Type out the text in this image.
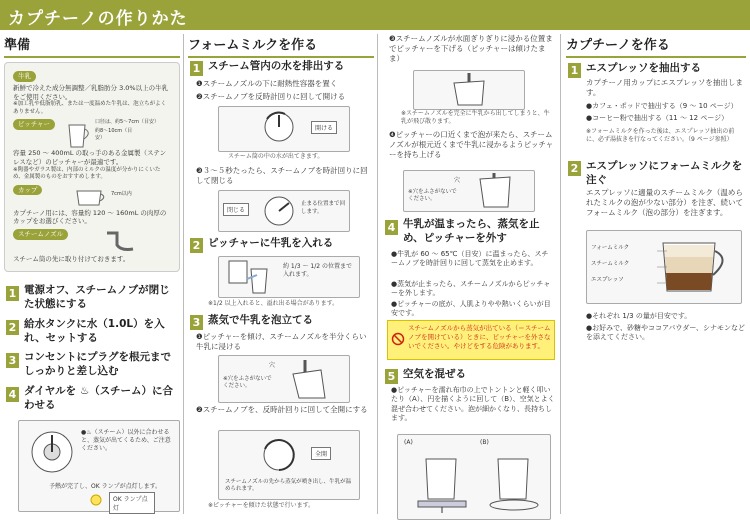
カプチーノの作りかた
準備
牛乳
新鮮で冷えた成分無調整／乳脂肪分 3.0%以上の牛乳をご使用ください。
※加工乳や低脂肪乳、または一度温めた牛乳は、泡立ちがよくありません。
ピッチャー	口径は、約5～7cm（目安）
約8～10cm（目安）
容量 250 ～ 400mL の取っ手のある金属製（ステンレスなど）のピッチャーが最適です。
※陶器やガラス製は、内部のミルクの温度が分かりにくいため、金属製のものをおすすめします。
カップ	7cm以内
カプチーノ用には、容量約 120 ～ 160mL の肉厚のカップをお選びください。
スチームノズル
スチーム筒の先に取り付けておきます。
1 電源オフ、スチームノブが閉じた状態にする
2 給水タンクに水（1.0L）を入れ、セットする
3 コンセントにプラグを根元までしっかりと差し込む
4 ダイヤルを ♨（スチーム）に合わせる
●♨（スチーム）以外に合わせると、蒸気が出てくるため、ご注意ください。
予熱が完了し、OK ランプが点灯します。
OK ランプ点灯
フォームミルクを作る
1 スチーム管内の水を排出する
❶スチームノズルの下に耐熱性容器を置く
❷スチームノブを反時計回りに回して開ける
開ける
スチーム筒の中の水が出てきます。
❸３～５秒たったら、スチームノブを時計回りに回して閉じる
閉じる
止まる位置まで回します。
2 ピッチャーに牛乳を入れる
約 1/3 ～ 1/2 の位置まで入れます。
※1/2 以上入れると、溢れ出る場合があります。
3 蒸気で牛乳を泡立てる
❶ピッチャーを傾け、スチームノズルを半分くらい牛乳に浸ける
穴
※穴をふさがないでください。
❷スチームノブを、反時計回りに回して全開にする
全開
スチームノズルの先から蒸気が噴き出し、牛乳が温められます。
※ピッチャーを傾けた状態で行います。
❸スチームノズルが水面ぎりぎりに浸かる位置までピッチャーを下げる（ピッチャーは傾けたまま）
※スチームノズルを完全に牛乳から出してしまうと、牛乳が飛び散ります。
❹ピッチャーの口近くまで泡が来たら、スチームノズルが根元近くまで牛乳に浸かるようピッチャーを持ち上げる
穴
※穴をふさがないでください。
4 牛乳が温まったら、蒸気を止め、ピッチャーを外す
●牛乳が 60 ～ 65℃（目安）に温まったら、スチームノブを時計回りに回して蒸気を止めます。
●蒸気が止まったら、スチームノズルからピッチャーを外します。
●ピッチャーの底が、人肌よりやや熱いくらいが目安です。
スチームノズルから蒸気が出ている（＝スチームノブを開けている）ときに、ピッチャーを外さないでください。やけどをする危険があります。
5 空気を混ぜる
●ピッチャーを濡れ布巾の上でトントンと軽く叩いたり（A）、円を描くように回して（B）、空気とよく混ぜ合わせてください。泡が細かくなり、長持ちします。
(A)	(B)
カプチーノを作る
1 エスプレッソを抽出する
カプチーノ用カップにエスプレッソを抽出します。
●カフェ・ポッドで抽出する（9 ～ 10 ページ）
●コーヒー粉で抽出する（11 ～ 12 ページ）
※フォームミルクを作った後は、エスプレッソ抽出の前に、必ず湯抜きを行なってください。（9 ページ参照）
2 エスプレッソにフォームミルクを注ぐ
エスプレッソに適量のスチームミルク（温められたミルクの泡が少ない部分）を注ぎ、続いてフォームミルク（泡の部分）を注ぎます。
フォームミルク
スチームミルク
エスプレッソ
●それぞれ 1/3 の量が目安です。
●お好みで、砂糖やココアパウダー、シナモンなどを添えてください。
